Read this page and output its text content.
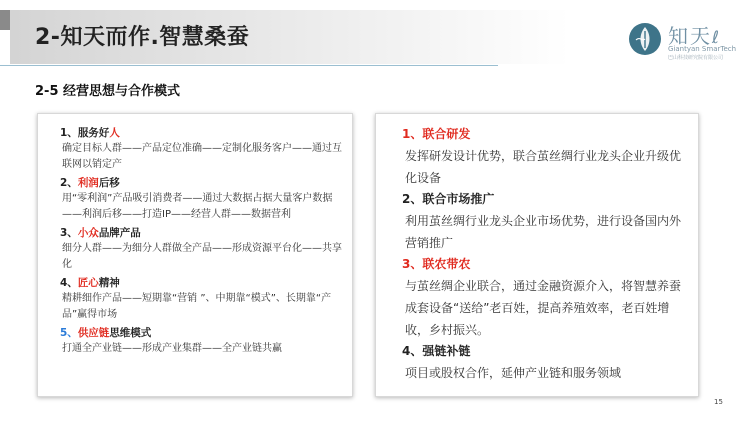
2-知天而作.智慧桑蚕	知天ℓ
Giantyan SmarTech
巴山科技研究院有限公司
2-5 经营思想与合作模式
1、服务好人
确定目标人群——产品定位准确——定制化服务客户——通过互联网以销定产
2、利润后移
用“零利润”产品吸引消费者——通过大数据占据大量客户数据——利润后移——打造IP——经营人群——数据营利
3、小众品牌产品
细分人群——为细分人群做全产品——形成资源平台化——共享化
4、匠心精神
精耕细作产品——短期靠“营销 ”、中期靠“模式”、长期靠“产品”赢得市场
5、供应链思维模式
打通全产业链——形成产业集群——全产业链共赢
1、联合研发
发挥研发设计优势，联合茧丝绸行业龙头企业升级优化设备
2、联合市场推广
利用茧丝绸行业龙头企业市场优势，进行设备国内外营销推广
3、联农带农
与茧丝绸企业联合，通过金融资源介入，将智慧养蚕成套设备“送给”老百姓，提高养殖效率，老百姓增收，乡村振兴。
4、强链补链
项目或股权合作，延伸产业链和服务领域
15
